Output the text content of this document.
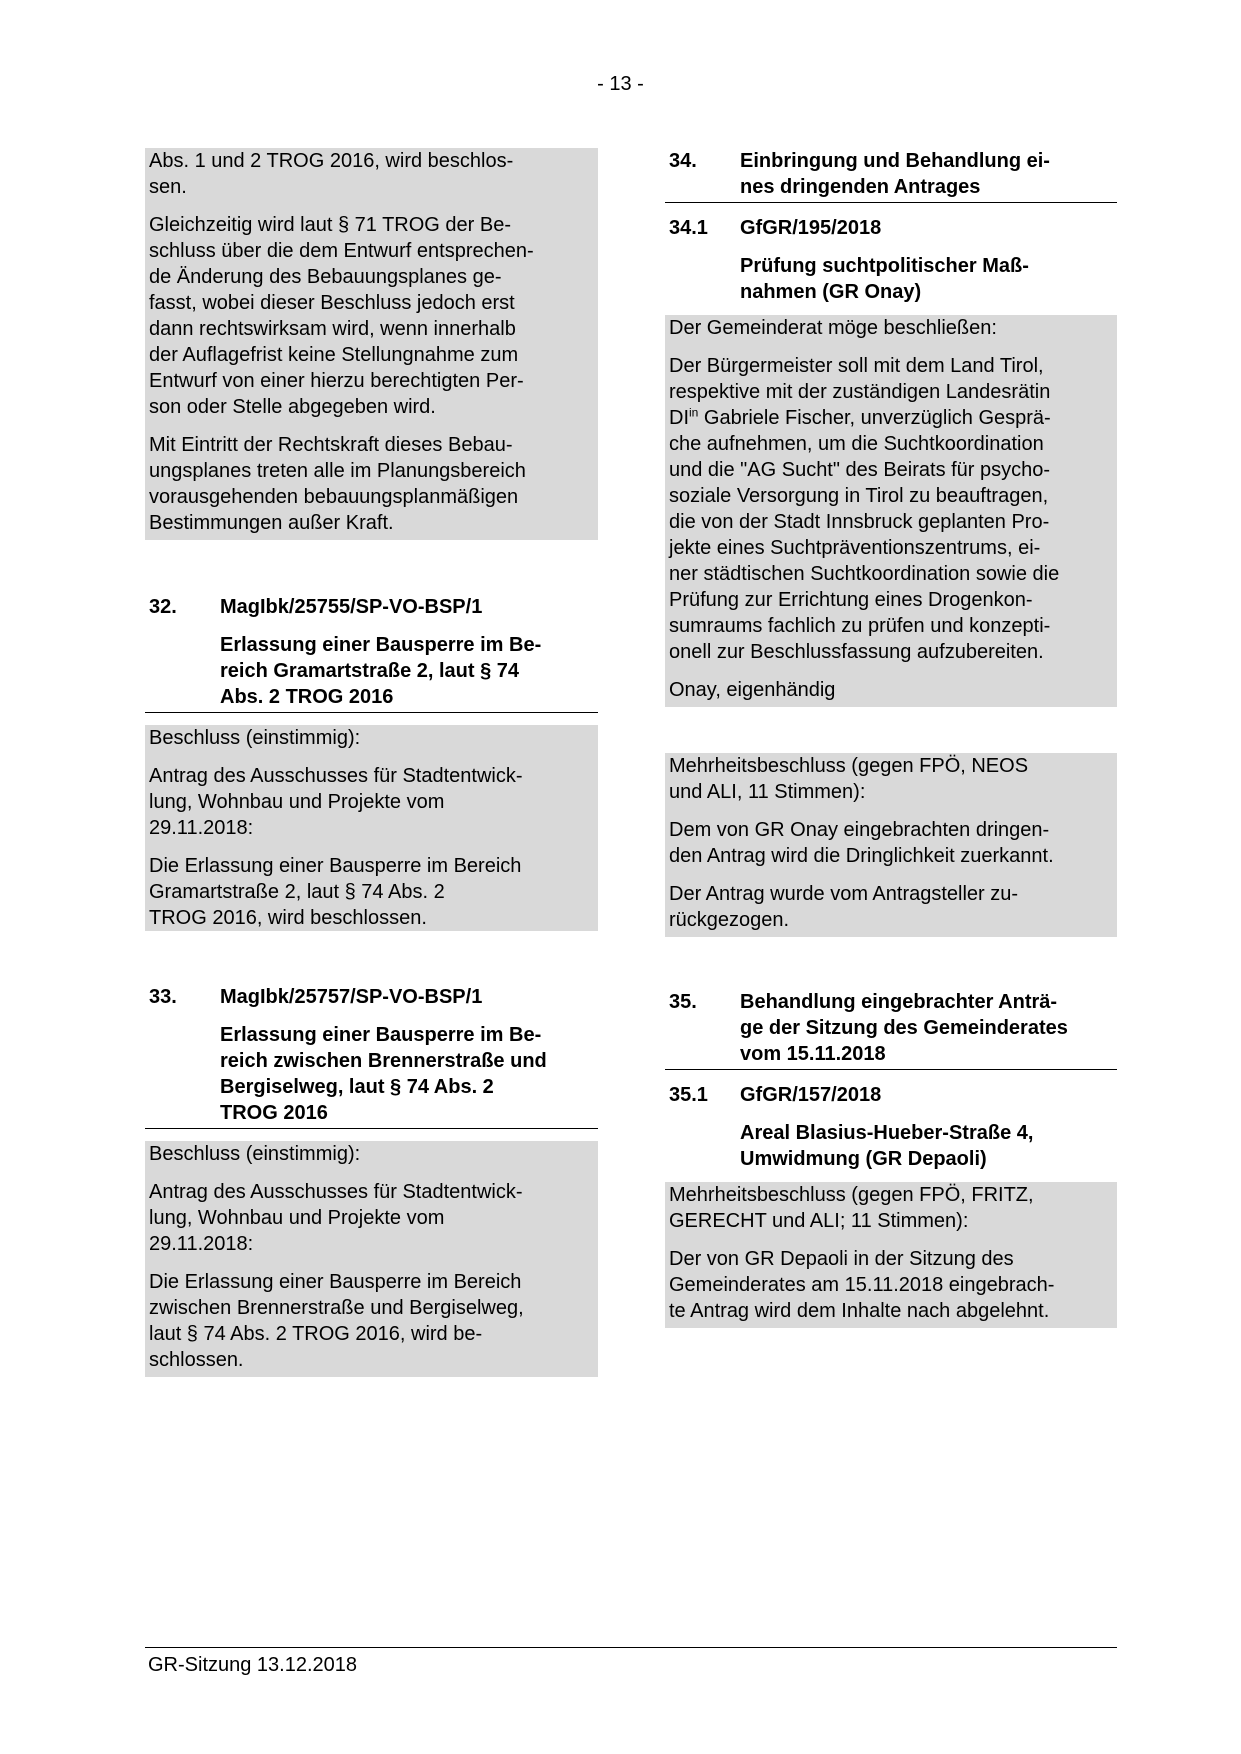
- 13 -

Abs. 1 und 2 TROG 2016, wird beschlos-
sen.

Gleichzeitig wird laut § 71 TROG der Be-
schluss über die dem Entwurf entsprechen-
de Änderung des Bebauungsplanes ge-
fasst, wobei dieser Beschluss jedoch erst
dann rechtswirksam wird, wenn innerhalb
der Auflagefrist keine Stellungnahme zum
Entwurf von einer hierzu berechtigten Per-
son oder Stelle abgegeben wird.

Mit Eintritt der Rechtskraft dieses Bebau-
ungsplanes treten alle im Planungsbereich
vorausgehenden bebauungsplanmäßigen
Bestimmungen außer Kraft.

32. MagIbk/25755/SP-VO-BSP/1
Erlassung einer Bausperre im Be-
reich Gramartstraße 2, laut § 74
Abs. 2 TROG 2016

Beschluss (einstimmig):

Antrag des Ausschusses für Stadtentwick-
lung, Wohnbau und Projekte vom
29.11.2018:

Die Erlassung einer Bausperre im Bereich
Gramartstraße 2, laut § 74 Abs. 2
TROG 2016, wird beschlossen.

33. MagIbk/25757/SP-VO-BSP/1
Erlassung einer Bausperre im Be-
reich zwischen Brennerstraße und
Bergiselweg, laut § 74 Abs. 2
TROG 2016

Beschluss (einstimmig):

Antrag des Ausschusses für Stadtentwick-
lung, Wohnbau und Projekte vom
29.11.2018:

Die Erlassung einer Bausperre im Bereich
zwischen Brennerstraße und Bergiselweg,
laut § 74 Abs. 2 TROG 2016, wird be-
schlossen.

34. Einbringung und Behandlung ei-
nes dringenden Antrages
34.1 GfGR/195/2018
Prüfung suchtpolitischer Maß-
nahmen (GR Onay)

Der Gemeinderat möge beschließen:

Der Bürgermeister soll mit dem Land Tirol,
respektive mit der zuständigen Landesrätin
$DI^{in}$ Gabriele Fischer, unverzüglich Gesprä-
che aufnehmen, um die Suchtkoordination
und die "AG Sucht" des Beirats für psycho-
soziale Versorgung in Tirol zu beauftragen,
die von der Stadt Innsbruck geplanten Pro-
jekte eines Suchtpräventionszentrums, ei-
ner städtischen Suchtkoordination sowie die
Prüfung zur Errichtung eines Drogenkon-
sumraums fachlich zu prüfen und konzepti-
onell zur Beschlussfassung aufzubereiten.

Onay, eigenhändig

Mehrheitsbeschluss (gegen FPÖ, NEOS
und ALI, 11 Stimmen):

Dem von GR Onay eingebrachten dringen-
den Antrag wird die Dringlichkeit zuerkannt.

Der Antrag wurde vom Antragsteller zu-
rückgezogen.

35. Behandlung eingebrachter Anträ-
ge der Sitzung des Gemeinderates
vom 15.11.2018
35.1 GfGR/157/2018
Areal Blasius-Hueber-Straße 4,
Umwidmung (GR Depaoli)

Mehrheitsbeschluss (gegen FPÖ, FRITZ,
GERECHT und ALI; 11 Stimmen):

Der von GR Depaoli in der Sitzung des
Gemeinderates am 15.11.2018 eingebrach-
te Antrag wird dem Inhalte nach abgelehnt.

GR-Sitzung 13.12.2018
